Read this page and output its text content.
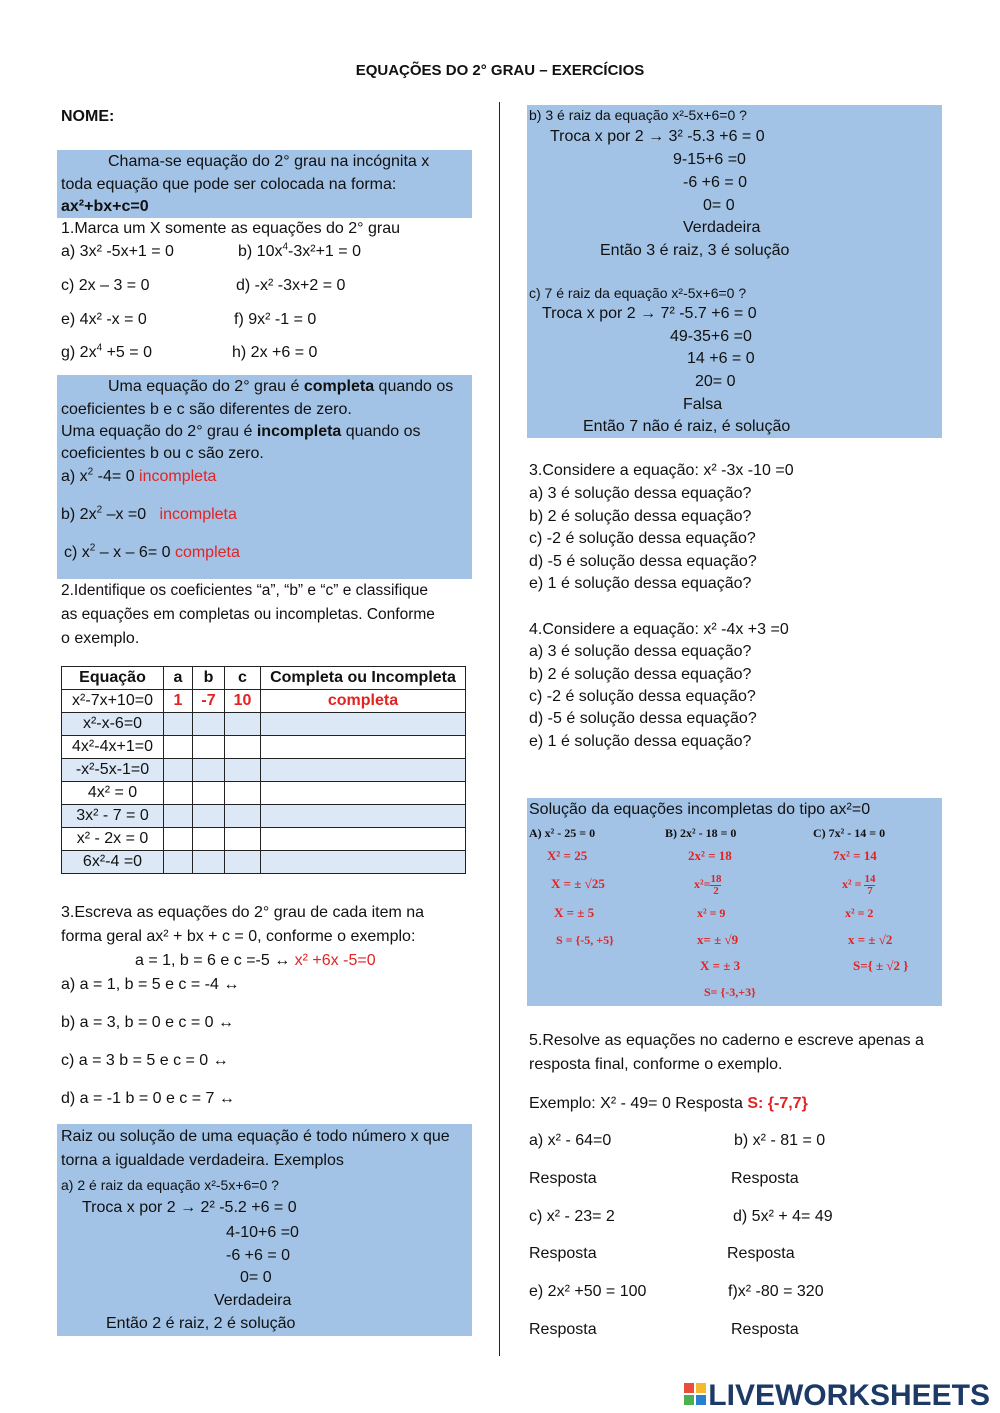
EQUAÇÕES DO 2° GRAU – EXERCÍCIOS
NOME:
Chama-se equação do 2° grau na incógnita x
toda equação que pode ser colocada na forma:
ax²+bx+c=0
1.Marca um X somente as equações do 2° grau
a) 3x² -5x+1 = 0	b) $10x^4-3x^2+1 = 0$
c) 2x – 3 = 0	d) -x² -3x+2 = 0
e) 4x² -x = 0	f) 9x² -1 = 0
g) $2x^4 +5 = 0$	h) 2x +6 = 0
Uma equação do 2° grau é completa quando os
coeficientes b e c são diferentes de zero.
Uma equação do 2° grau é incompleta quando os
coeficientes b ou c são zero.
a) $x^2$ -4= 0 incompleta
b) $2x^2$ –x =0   incompleta
c) $x^2 - x - 6= 0$ completa
2.Identifique os coeficientes “a”, “b” e “c” e classifique
as equações em completas ou incompletas. Conforme
o exemplo.
Equação	a	b	c	Completa ou Incompleta
x²-7x+10=0	1	-7	10	completa
x²-x-6=0				
4x²-4x+1=0				
-x²-5x-1=0				
4x² = 0				
3x² - 7 = 0				
x² - 2x = 0				
6x²-4 =0				
3.Escreva as equações do 2° grau de cada item na
forma geral ax² + bx + c = 0, conforme o exemplo:
a = 1, b = 6 e c =-5 ↔ x² +6x -5=0
a) a = 1, b = 5 e c = -4 ↔
b) a = 3, b = 0 e c = 0 ↔
c) a = 3 b = 5 e c = 0 ↔
d) a = -1 b = 0 e c = 7 ↔
Raiz ou solução de uma equação é todo número x que
torna a igualdade verdadeira. Exemplos
a) 2 é raiz da equação x²-5x+6=0 ?
Troca x por 2 → 2² -5.2 +6 = 0
4-10+6 =0
-6 +6 = 0
0= 0
Verdadeira
Então 2 é raiz, 2 é solução
b) 3 é raiz da equação x²-5x+6=0 ?
Troca x por 2 → 3² -5.3 +6 = 0
9-15+6 =0
-6 +6 = 0
0= 0
Verdadeira
Então 3 é raiz, 3 é solução
c) 7 é raiz da equação x²-5x+6=0 ?
Troca x por 2 → 7² -5.7 +6 = 0
49-35+6 =0
14 +6 = 0
20= 0
Falsa
Então 7 não é raiz, é solução
3.Considere a equação: x² -3x -10 =0
a) 3 é solução dessa equação?
b) 2 é solução dessa equação?
c) -2 é solução dessa equação?
d) -5 é solução dessa equação?
e) 1 é solução dessa equação?
4.Considere a equação: x² -4x +3 =0
a) 3 é solução dessa equação?
b) 2 é solução dessa equação?
c) -2 é solução dessa equação?
d) -5 é solução dessa equação?
e) 1 é solução dessa equação?
Solução da equações incompletas do tipo ax²=0
A) x² - 25 = 0
X² = 25
X = ± √25
X = ± 5
S = {-5, +5}
B) 2x² - 18 = 0
2x² = 18
$x^2= \frac{18}{2}$
x² = 9
x= ± √9
X = ± 3
S= {-3,+3}
C) 7x² - 14 = 0
7x² = 14
$x^2 = \frac{14}{7}$
x² = 2
x = ± √2
S={ ± √2 }
5.Resolve as equações no caderno e escreve apenas a
resposta final, conforme o exemplo.
Exemplo: X² - 49= 0 Resposta S: {-7,7}
a) x² - 64=0	b) x² - 81 = 0
Resposta	Resposta
c) x² - 23= 2	d) 5x² + 4= 49
Resposta	Resposta
e) 2x² +50 = 100	f)x² -80 = 320
Resposta	Resposta
LIVEWORKSHEETS
